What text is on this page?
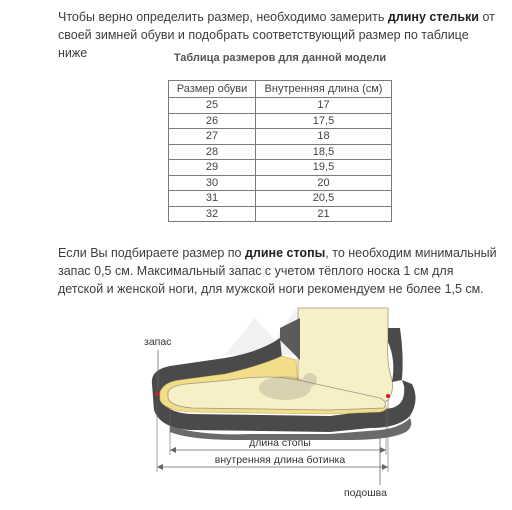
Чтобы верно определить размер, необходимо замерить длину стельки от своей зимней обуви и подобрать соответствующий размер по таблице ниже	Таблица размеров для данной модели
Размер обуви	Внутренняя длина (см)
25	17
26	17,5
27	18
28	18,5
29	19,5
30	20
31	20,5
32	21
Если Вы подбираете размер по длине стопы, то необходим минимальный запас 0,5 см. Максимальный запас с учетом тёплого носка 1 см для детской и женской ноги, для мужской ноги рекомендуем не более 1,5 см.
запас
длина стопы
внутренняя длина ботинка
подошва
